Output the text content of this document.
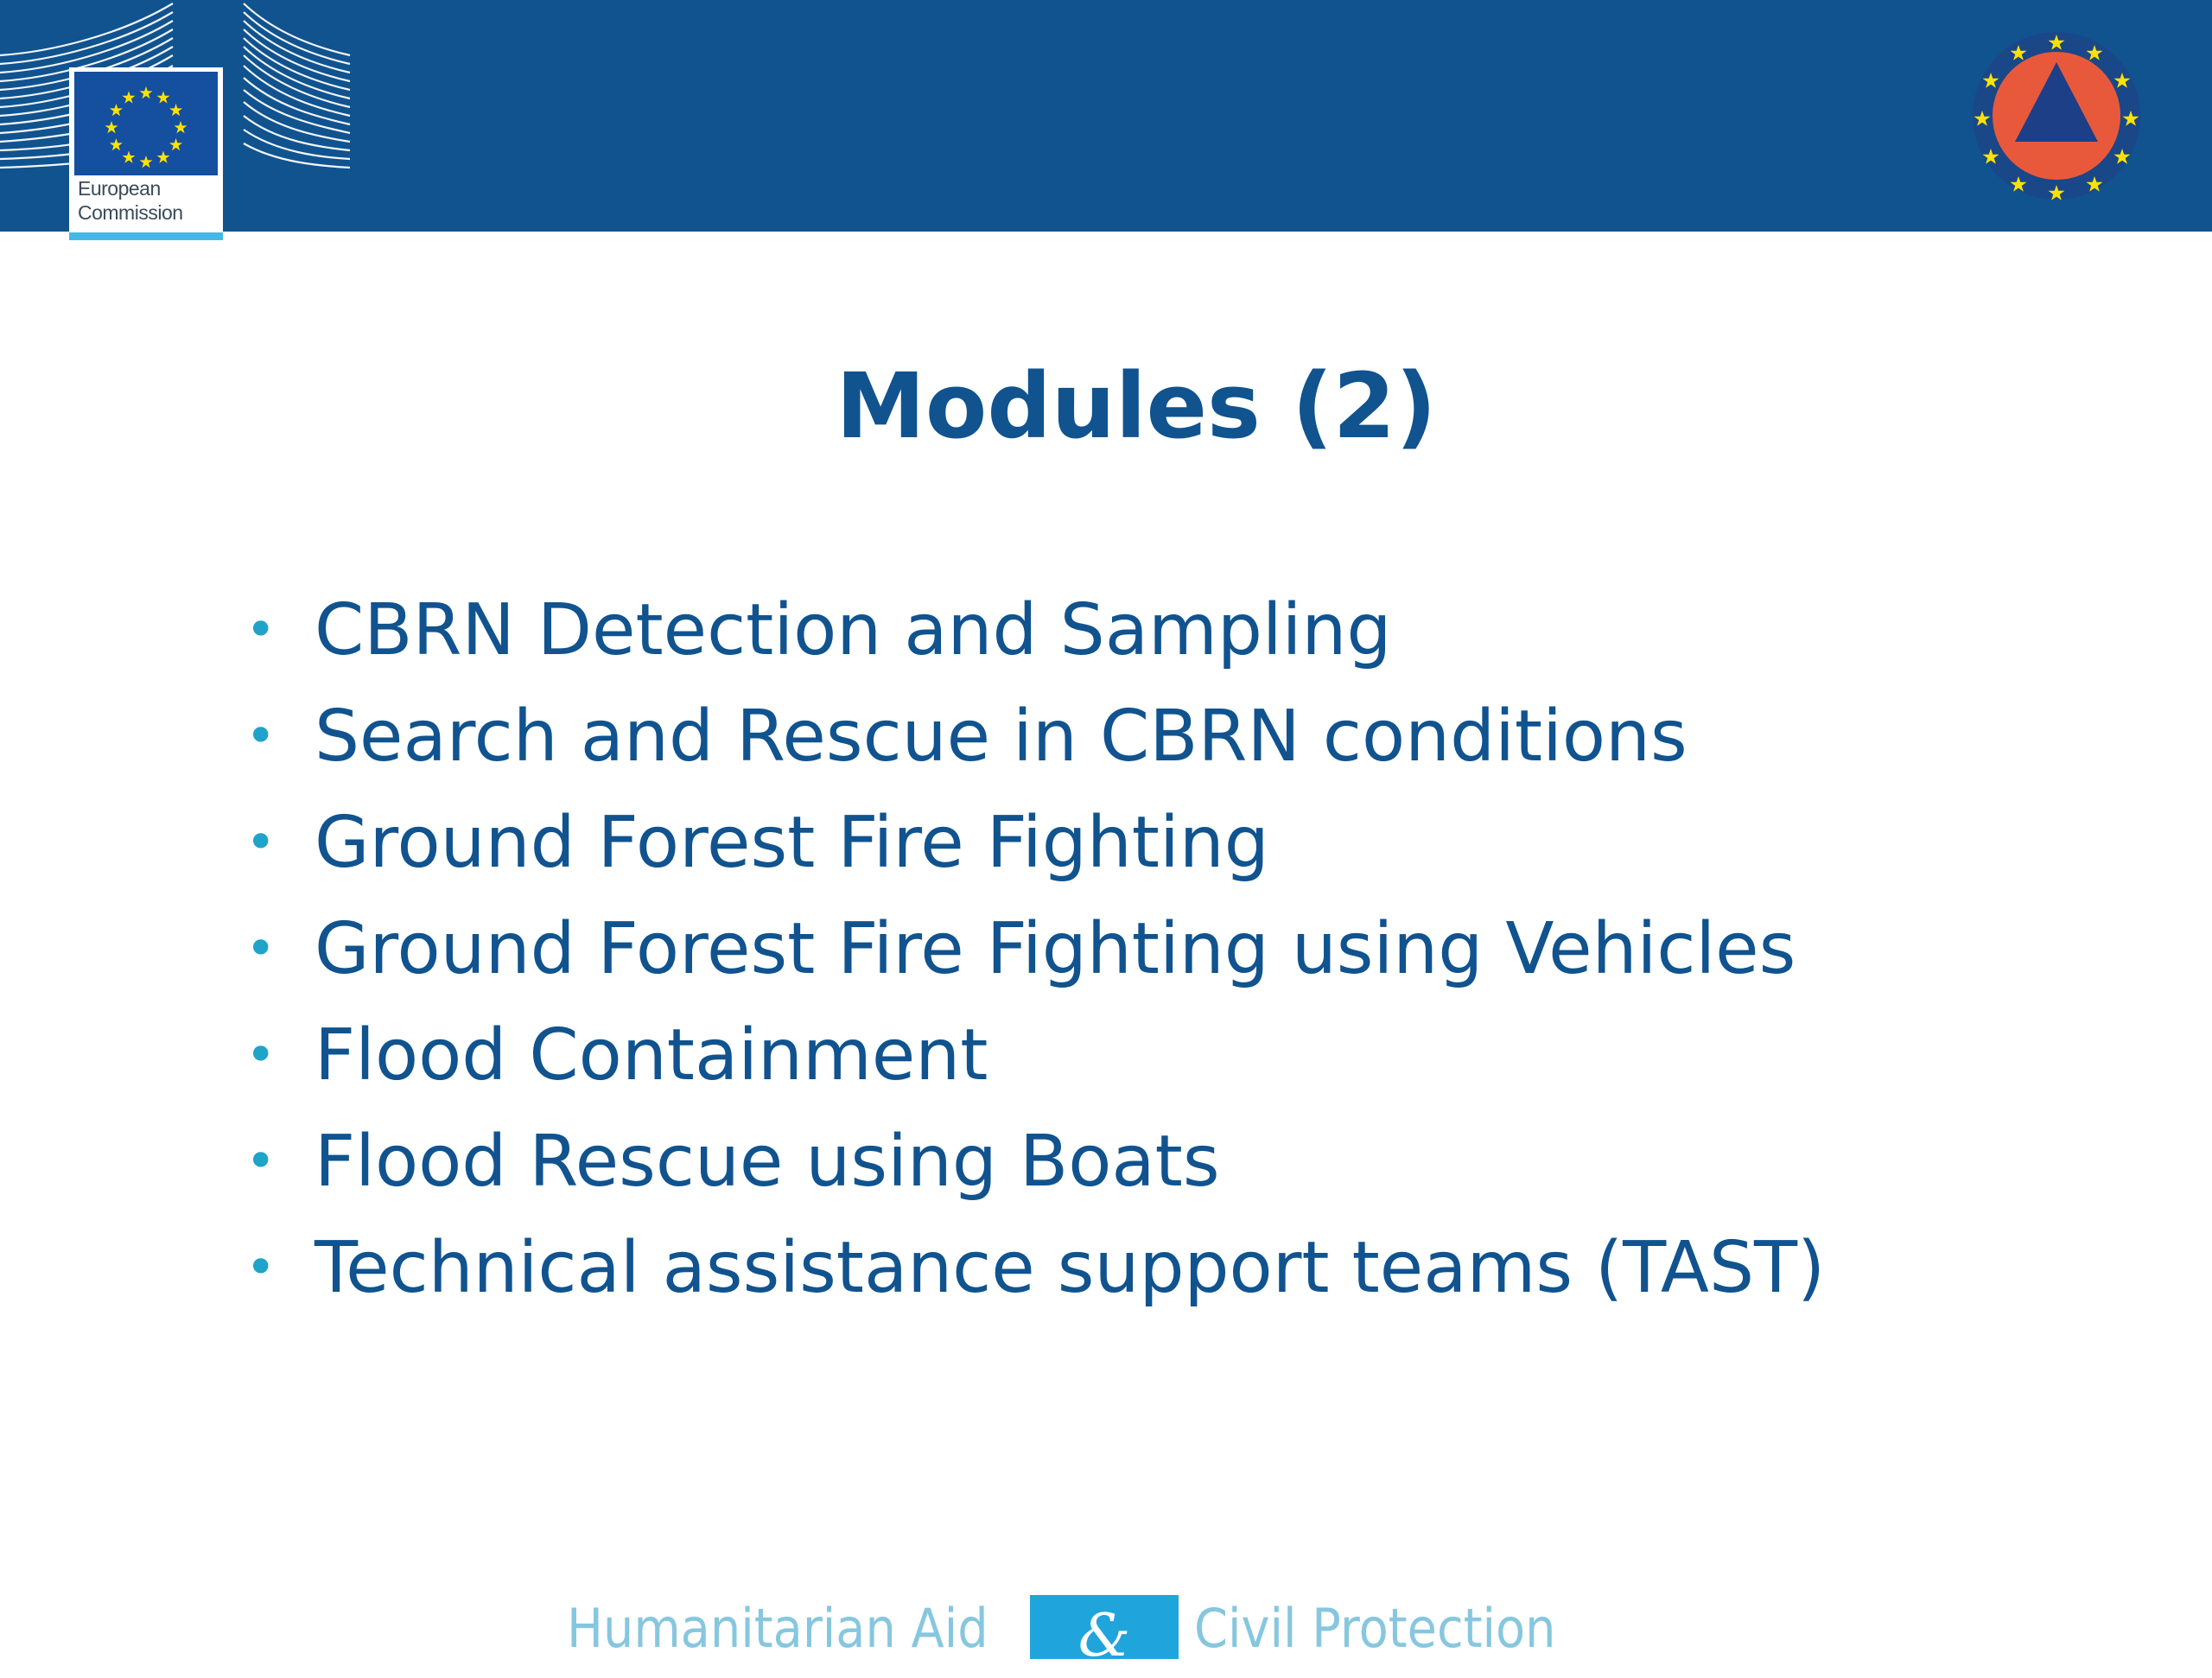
European
Commission
Modules (2)
• CBRN Detection and Sampling
• Search and Rescue in CBRN conditions
• Ground Forest Fire Fighting
• Ground Forest Fire Fighting using Vehicles
• Flood Containment
• Flood Rescue using Boats
• Technical assistance support teams (TAST)
Humanitarian Aid	&	Civil Protection
